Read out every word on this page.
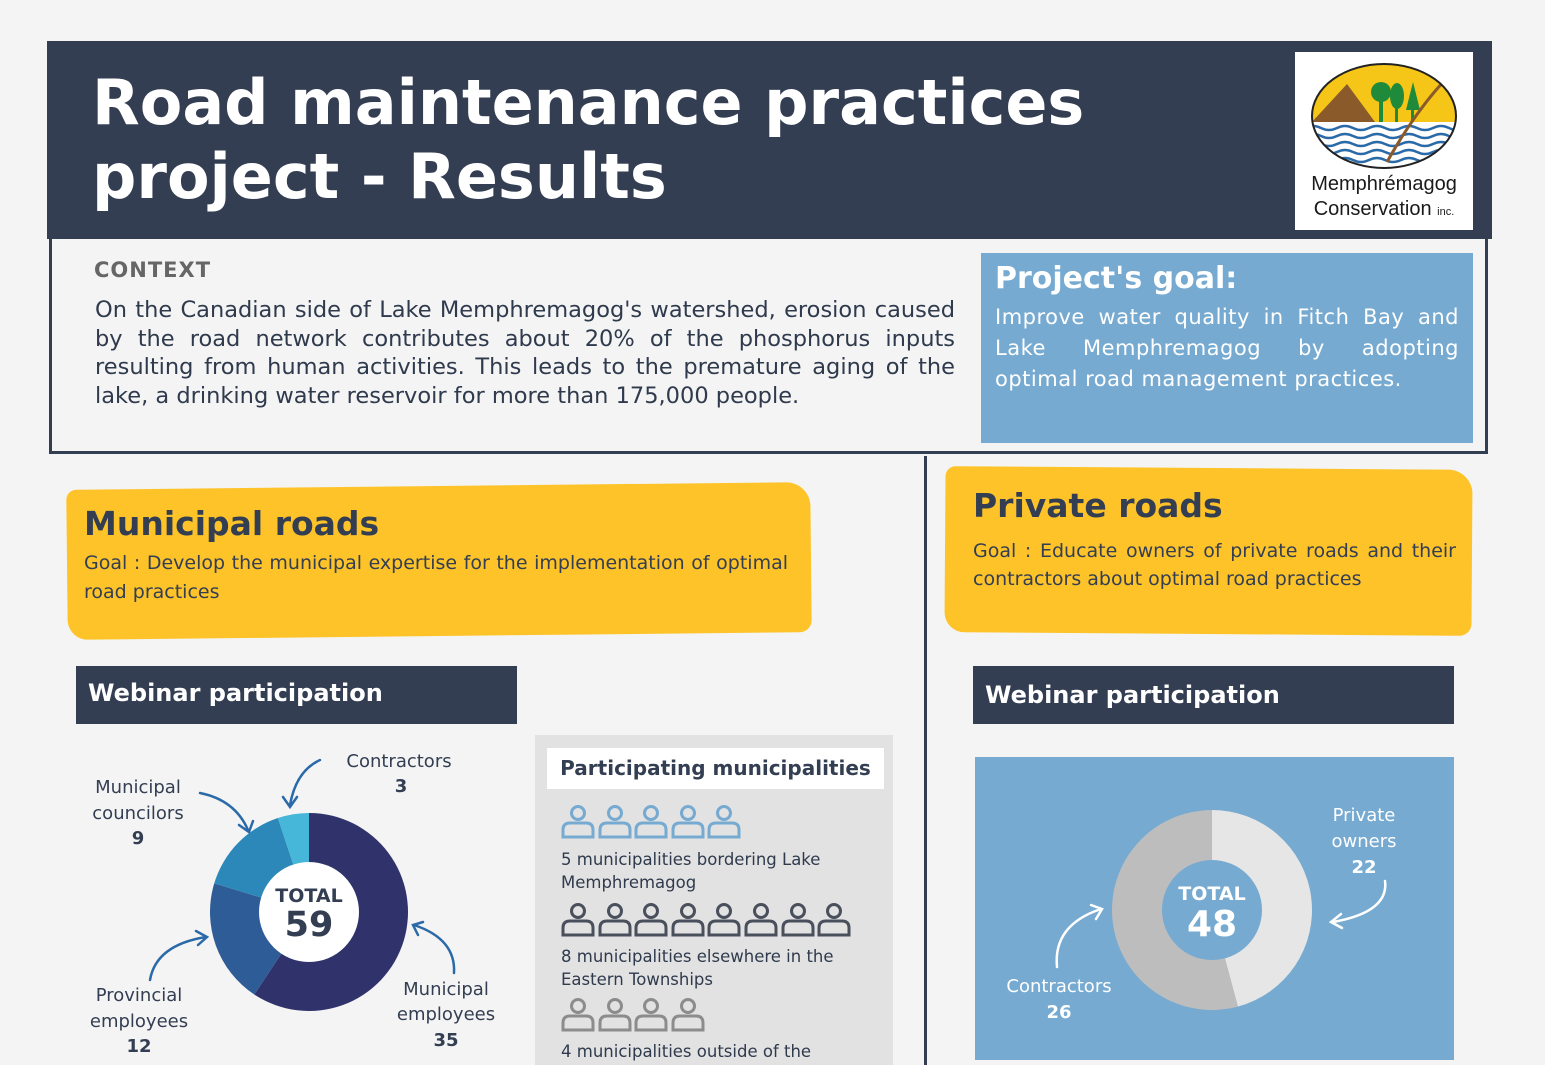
Road maintenance practices project - Results	Memphrémagog
Conservation inc.
CONTEXT
On the Canadian side of Lake Memphremagog's watershed, erosion caused by the road network contributes about 20% of the phosphorus inputs resulting from human activities. This leads to the premature aging of the lake, a drinking water reservoir for more than 175,000 people.
Project's goal:
Improve water quality in Fitch Bay and Lake Memphremagog by adopting optimal road management practices.
Municipal roads
Goal : Develop the municipal expertise for the implementation of optimal road practices
Webinar participation
TOTAL
59
Contractors
3
Municipal
councilors
9
Provincial
employees
12
Municipal
employees
35
Participating municipalities
5 municipalities bordering Lake Memphremagog
8 municipalities elsewhere in the Eastern Townships
4 municipalities outside of the
Private roads
Goal : Educate owners of private roads and their contractors about optimal road practices
Webinar participation
TOTAL
48
Private
owners
22
Contractors
26
